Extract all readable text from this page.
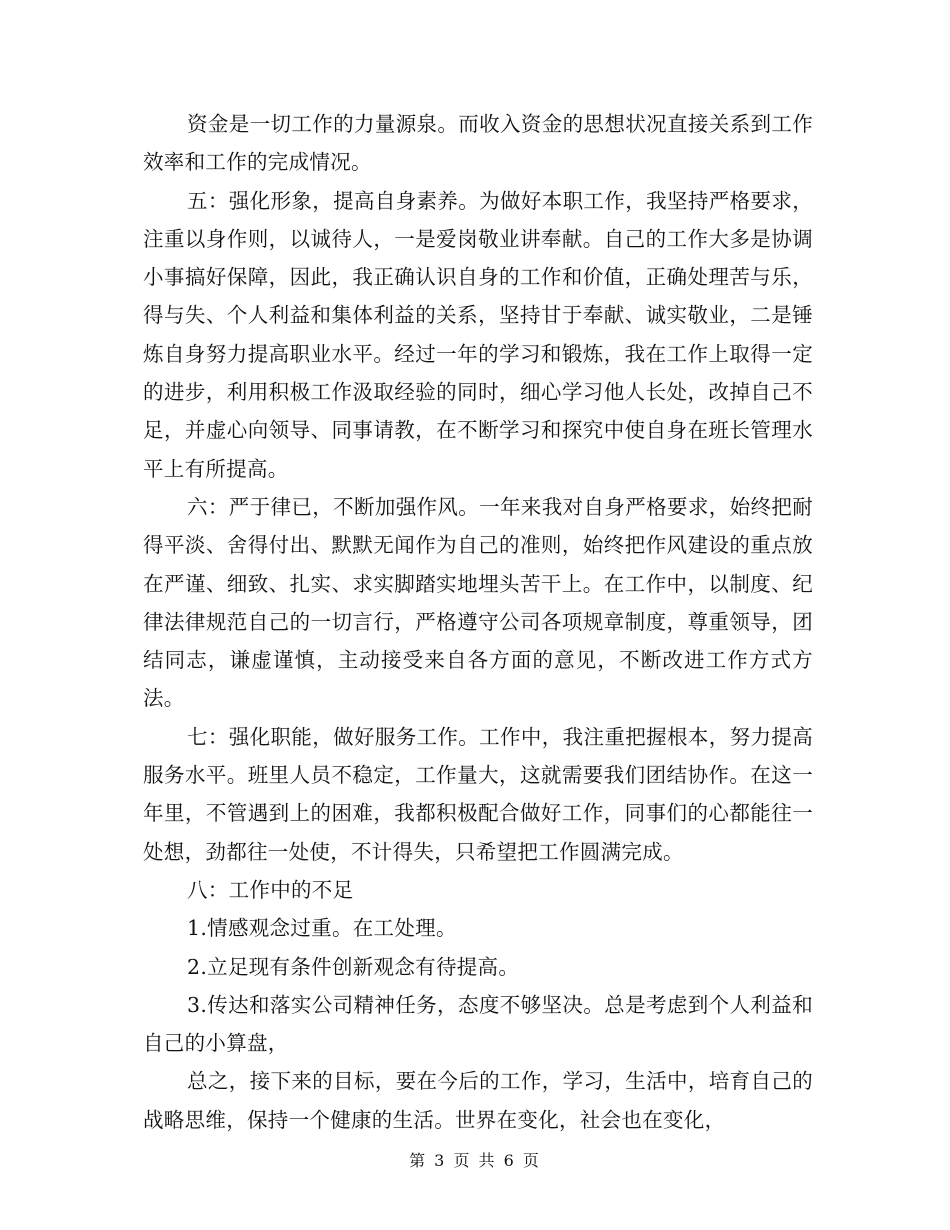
资金是一切工作的力量源泉。而收入资金的思想状况直接关系到工作效率和工作的完成情况。

五：强化形象，提高自身素养。为做好本职工作，我坚持严格要求，注重以身作则，以诚待人，一是爱岗敬业讲奉献。自己的工作大多是协调小事搞好保障，因此，我正确认识自身的工作和价值，正确处理苦与乐，得与失、个人利益和集体利益的关系，坚持甘于奉献、诚实敬业，二是锤炼自身努力提高职业水平。经过一年的学习和锻炼，我在工作上取得一定的进步，利用积极工作汲取经验的同时，细心学习他人长处，改掉自己不足，并虚心向领导、同事请教，在不断学习和探究中使自身在班长管理水平上有所提高。

六：严于律已，不断加强作风。一年来我对自身严格要求，始终把耐得平淡、舍得付出、默默无闻作为自己的准则，始终把作风建设的重点放在严谨、细致、扎实、求实脚踏实地埋头苦干上。在工作中，以制度、纪律法律规范自己的一切言行，严格遵守公司各项规章制度，尊重领导，团结同志，谦虚谨慎，主动接受来自各方面的意见，不断改进工作方式方法。

七：强化职能，做好服务工作。工作中，我注重把握根本，努力提高服务水平。班里人员不稳定，工作量大，这就需要我们团结协作。在这一年里，不管遇到上的困难，我都积极配合做好工作，同事们的心都能往一处想，劲都往一处使，不计得失，只希望把工作圆满完成。

八：工作中的不足

1.情感观念过重。在工处理。

2.立足现有条件创新观念有待提高。

3.传达和落实公司精神任务，态度不够坚决。总是考虑到个人利益和自己的小算盘，

总之，接下来的目标，要在今后的工作，学习，生活中，培育自己的战略思维，保持一个健康的生活。世界在变化，社会也在变化，

第 3 页 共 6 页
